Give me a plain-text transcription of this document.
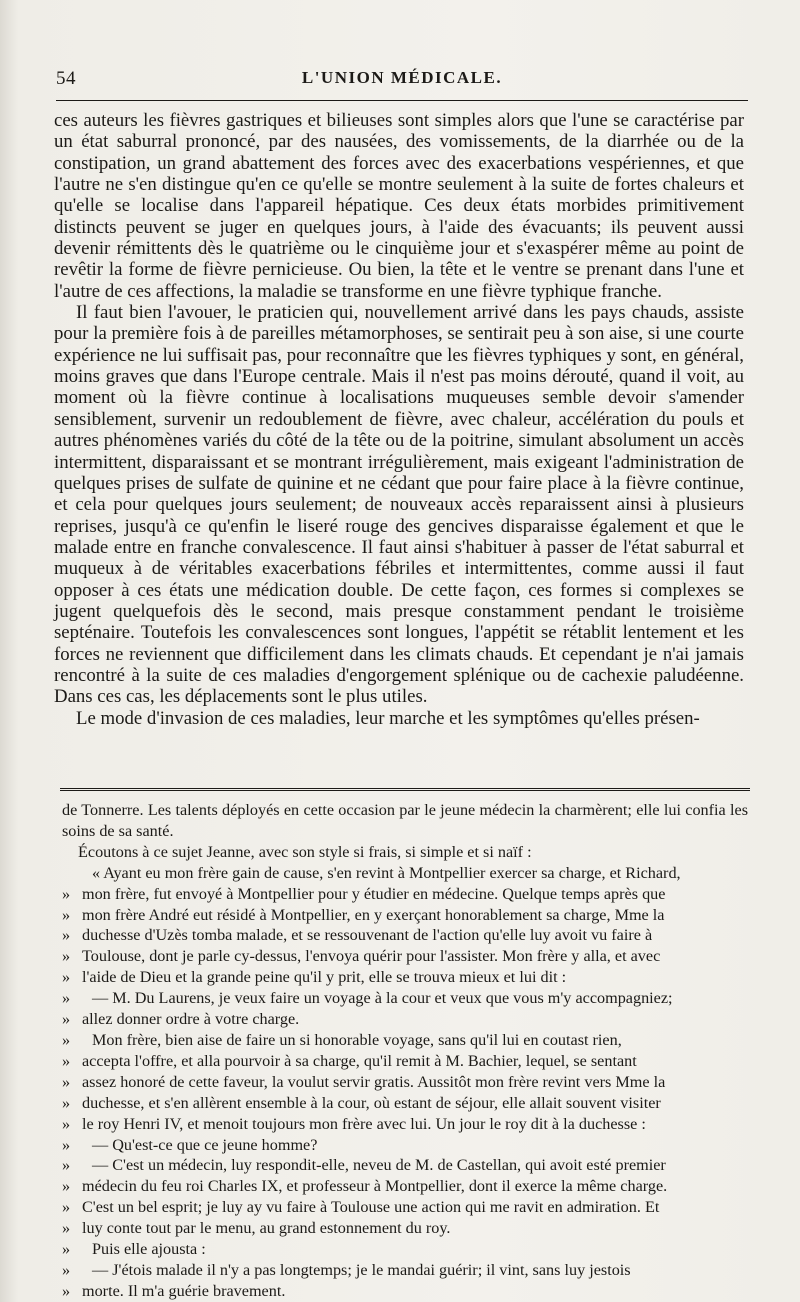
54	L'UNION MÉDICALE.

ces auteurs les fièvres gastriques et bilieuses sont simples alors que l'une se caractérise par un état saburral prononcé, par des nausées, des vomissements, de la diarrhée ou de la constipation, un grand abattement des forces avec des exacerbations vespériennes, et que l'autre ne s'en distingue qu'en ce qu'elle se montre seulement à la suite de fortes chaleurs et qu'elle se localise dans l'appareil hépatique. Ces deux états morbides primitivement distincts peuvent se juger en quelques jours, à l'aide des évacuants; ils peuvent aussi devenir rémittents dès le quatrième ou le cinquième jour et s'exaspérer même au point de revêtir la forme de fièvre pernicieuse. Ou bien, la tête et le ventre se prenant dans l'une et l'autre de ces affections, la maladie se transforme en une fièvre typhique franche.

Il faut bien l'avouer, le praticien qui, nouvellement arrivé dans les pays chauds, assiste pour la première fois à de pareilles métamorphoses, se sentirait peu à son aise, si une courte expérience ne lui suffisait pas, pour reconnaître que les fièvres typhiques y sont, en général, moins graves que dans l'Europe centrale. Mais il n'est pas moins dérouté, quand il voit, au moment où la fièvre continue à localisations muqueuses semble devoir s'amender sensiblement, survenir un redoublement de fièvre, avec chaleur, accélération du pouls et autres phénomènes variés du côté de la tête ou de la poitrine, simulant absolument un accès intermittent, disparaissant et se montrant irrégulièrement, mais exigeant l'administration de quelques prises de sulfate de quinine et ne cédant que pour faire place à la fièvre continue, et cela pour quelques jours seulement; de nouveaux accès reparaissent ainsi à plusieurs reprises, jusqu'à ce qu'enfin le liseré rouge des gencives disparaisse également et que le malade entre en franche convalescence. Il faut ainsi s'habituer à passer de l'état saburral et muqueux à de véritables exacerbations fébriles et intermittentes, comme aussi il faut opposer à ces états une médication double. De cette façon, ces formes si complexes se jugent quelquefois dès le second, mais presque constamment pendant le troisième septénaire. Toutefois les convalescences sont longues, l'appétit se rétablit lentement et les forces ne reviennent que difficilement dans les climats chauds. Et cependant je n'ai jamais rencontré à la suite de ces maladies d'engorgement splénique ou de cachexie paludéenne. Dans ces cas, les déplacements sont le plus utiles.

Le mode d'invasion de ces maladies, leur marche et les symptômes qu'elles présen-

de Tonnerre. Les talents déployés en cette occasion par le jeune médecin la charmèrent; elle lui confia les soins de sa santé.

Écoutons à ce sujet Jeanne, avec son style si frais, si simple et si naïf :

« Ayant eu mon frère gain de cause, s'en revint à Montpellier exercer sa charge, et Richard,
» mon frère, fut envoyé à Montpellier pour y étudier en médecine. Quelque temps après que
» mon frère André eut résidé à Montpellier, en y exerçant honorablement sa charge, Mme la
» duchesse d'Uzès tomba malade, et se ressouvenant de l'action qu'elle luy avoit vu faire à
» Toulouse, dont je parle cy-dessus, l'envoya quérir pour l'assister. Mon frère y alla, et avec
» l'aide de Dieu et la grande peine qu'il y prit, elle se trouva mieux et lui dit :
»	— M. Du Laurens, je veux faire un voyage à la cour et veux que vous m'y accompagniez;
» allez donner ordre à votre charge.
»	Mon frère, bien aise de faire un si honorable voyage, sans qu'il lui en coutast rien,
» accepta l'offre, et alla pourvoir à sa charge, qu'il remit à M. Bachier, lequel, se sentant
» assez honoré de cette faveur, la voulut servir gratis. Aussitôt mon frère revint vers Mme la
» duchesse, et s'en allèrent ensemble à la cour, où estant de séjour, elle allait souvent visiter
» le roy Henri IV, et menoit toujours mon frère avec lui. Un jour le roy dit à la duchesse :
»	— Qu'est-ce que ce jeune homme?
»	— C'est un médecin, luy respondit-elle, neveu de M. de Castellan, qui avoit esté premier
» médecin du feu roi Charles IX, et professeur à Montpellier, dont il exerce la même charge.
» C'est un bel esprit; je luy ay vu faire à Toulouse une action qui me ravit en admiration. Et
» luy conte tout par le menu, au grand estonnement du roy.
»	Puis elle ajousta :
»	— J'étois malade il n'y a pas longtemps; je le mandai guérir; il vint, sans luy jestois
» morte. Il m'a guérie bravement.
